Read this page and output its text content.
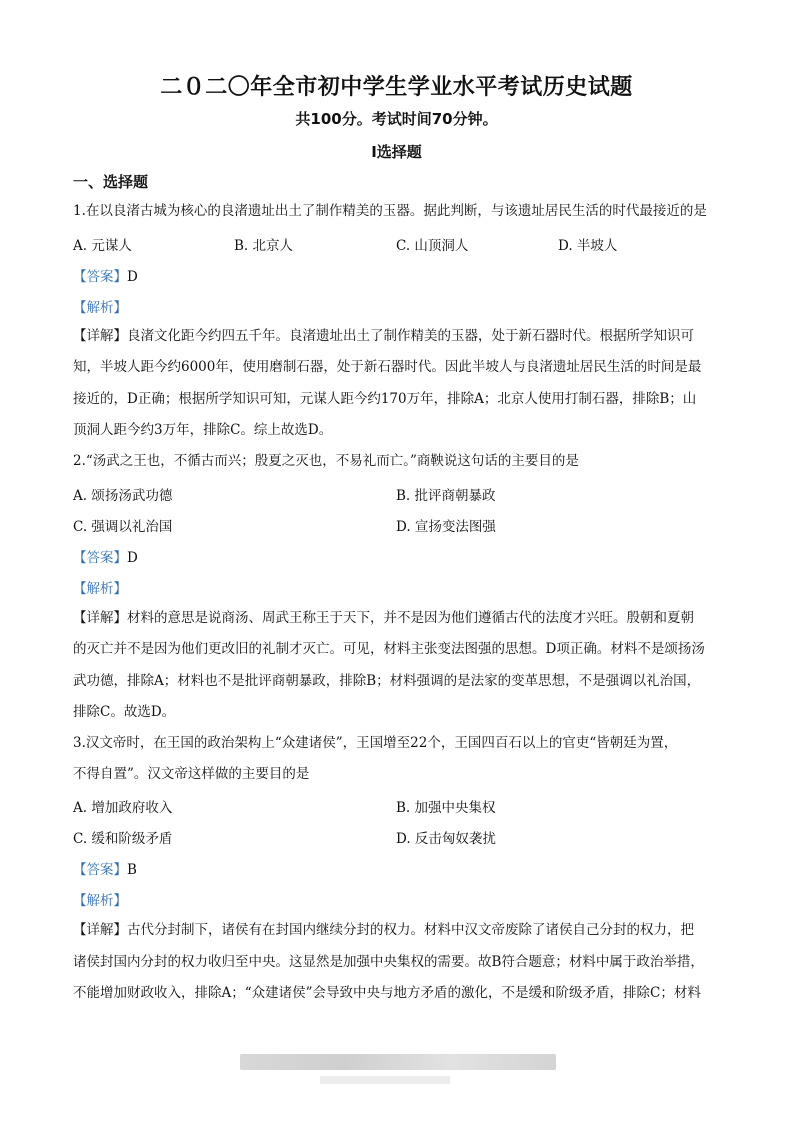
二０二〇年全市初中学生学业水平考试历史试题
共100分。考试时间70分钟。
Ⅰ选择题
一、选择题
1.在以良渚古城为核心的良渚遗址出土了制作精美的玉器。据此判断，与该遗址居民生活的时代最接近的是
A. 元谋人	B. 北京人	C. 山顶洞人	D. 半坡人
【答案】D
【解析】
【详解】良渚文化距今约四五千年。良渚遗址出土了制作精美的玉器，处于新石器时代。根据所学知识可
知，半坡人距今约6000年，使用磨制石器，处于新石器时代。因此半坡人与良渚遗址居民生活的时间是最
接近的，D正确；根据所学知识可知，元谋人距今约170万年，排除A；北京人使用打制石器，排除B；山
顶洞人距今约3万年，排除C。综上故选D。
2.“汤武之王也，不循古而兴；殷夏之灭也，不易礼而亡。”商鞅说这句话的主要目的是
A. 颂扬汤武功德	B. 批评商朝暴政
C. 强调以礼治国	D. 宣扬变法图强
【答案】D
【解析】
【详解】材料的意思是说商汤、周武王称王于天下，并不是因为他们遵循古代的法度才兴旺。殷朝和夏朝
的灭亡并不是因为他们更改旧的礼制才灭亡。可见，材料主张变法图强的思想。D项正确。材料不是颂扬汤
武功德，排除A；材料也不是批评商朝暴政，排除B；材料强调的是法家的变革思想，不是强调以礼治国，
排除C。故选D。
3.汉文帝时，在王国的政治架构上“众建诸侯”，王国增至22个，王国四百石以上的官吏“皆朝廷为置，
不得自置”。汉文帝这样做的主要目的是
A. 增加政府收入	B. 加强中央集权
C. 缓和阶级矛盾	D. 反击匈奴袭扰
【答案】B
【解析】
【详解】古代分封制下，诸侯有在封国内继续分封的权力。材料中汉文帝废除了诸侯自己分封的权力，把
诸侯封国内分封的权力收归至中央。这显然是加强中央集权的需要。故B符合题意；材料中属于政治举措，
不能增加财政收入，排除A；“众建诸侯”会导致中央与地方矛盾的激化，不是缓和阶级矛盾，排除C；材料
